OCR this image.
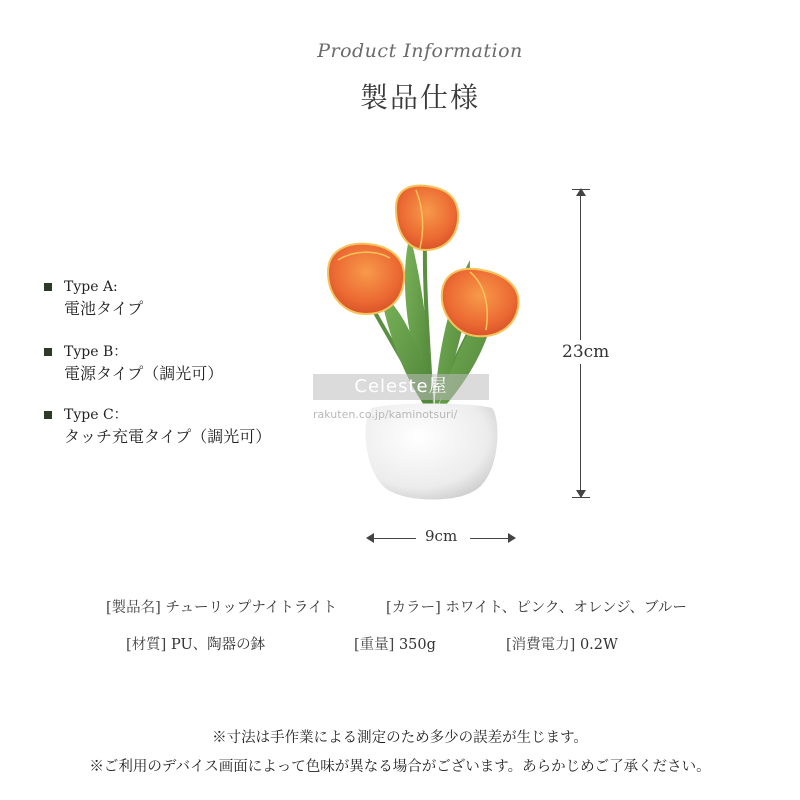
Product Information
製品仕様
Type A:
電池タイプ
Type B：
電源タイプ（調光可）
Type C：
タッチ充電タイプ（調光可）
Celeste屋
rakuten.co.jp/kaminotsuri/
23cm
9cm
[製品名] チューリップナイトライト	[カラー] ホワイト、ピンク、オレンジ、ブルー
[材質] PU、陶器の鉢	[重量] 350g	[消費電力] 0.2W
※寸法は手作業による測定のため多少の誤差が生じます。
※ご利用のデバイス画面によって色味が異なる場合がございます。あらかじめご了承ください。
